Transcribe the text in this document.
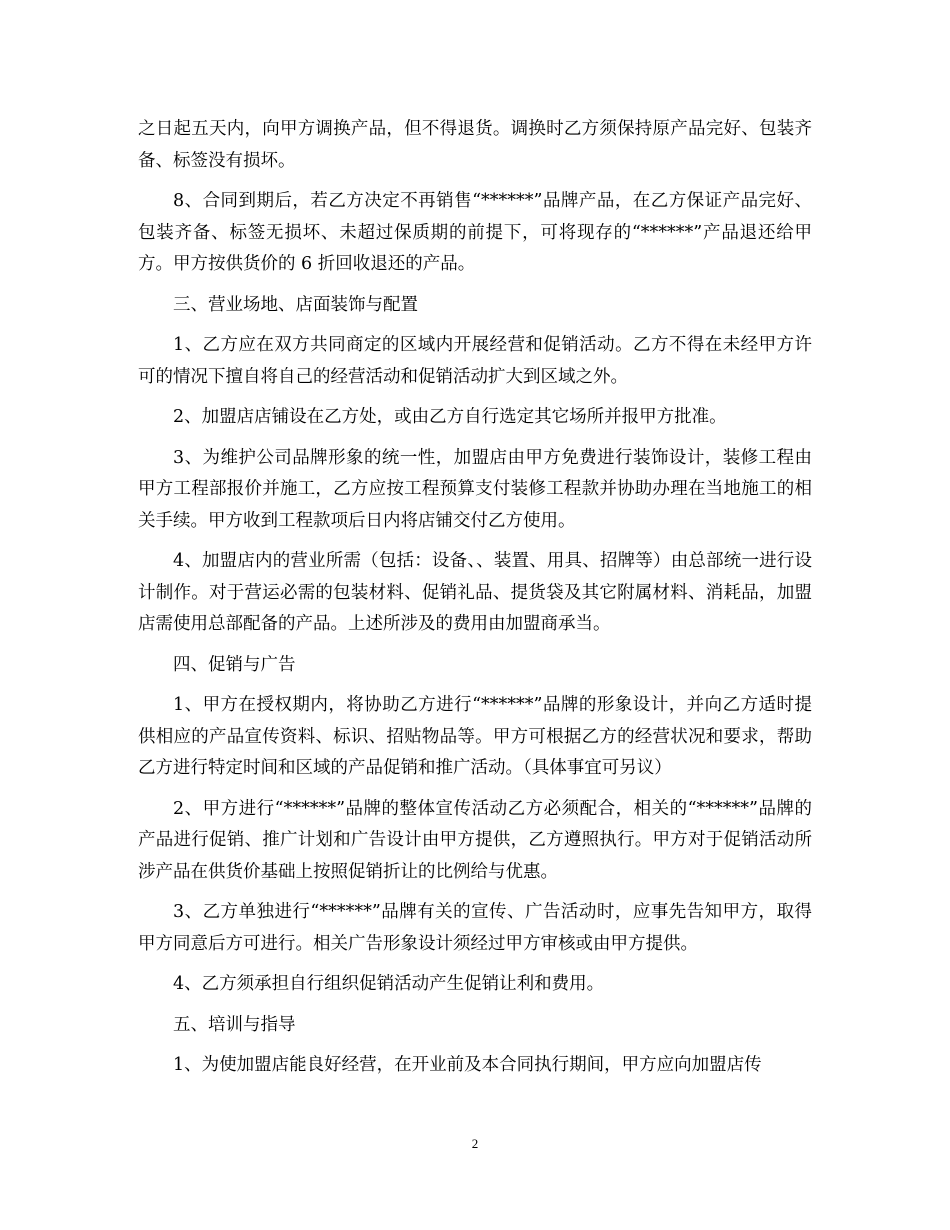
之日起五天内，向甲方调换产品，但不得退货。调换时乙方须保持原产品完好、包装齐备、标签没有损坏。

8、合同到期后，若乙方决定不再销售“******”品牌产品，在乙方保证产品完好、包装齐备、标签无损坏、未超过保质期的前提下，可将现存的“******”产品退还给甲方。甲方按供货价的 6 折回收退还的产品。

三、营业场地、店面装饰与配置

1、乙方应在双方共同商定的区域内开展经营和促销活动。乙方不得在未经甲方许可的情况下擅自将自己的经营活动和促销活动扩大到区域之外。

2、加盟店店铺设在乙方处，或由乙方自行选定其它场所并报甲方批准。

3、为维护公司品牌形象的统一性，加盟店由甲方免费进行装饰设计，装修工程由甲方工程部报价并施工，乙方应按工程预算支付装修工程款并协助办理在当地施工的相关手续。甲方收到工程款项后日内将店铺交付乙方使用。

4、加盟店内的营业所需（包括：设备、、装置、用具、招牌等）由总部统一进行设计制作。对于营运必需的包装材料、促销礼品、提货袋及其它附属材料、消耗品，加盟店需使用总部配备的产品。上述所涉及的费用由加盟商承当。

四、促销与广告

1、甲方在授权期内，将协助乙方进行“******”品牌的形象设计，并向乙方适时提供相应的产品宣传资料、标识、招贴物品等。甲方可根据乙方的经营状况和要求，帮助乙方进行特定时间和区域的产品促销和推广活动。（具体事宜可另议）

2、甲方进行“******”品牌的整体宣传活动乙方必须配合，相关的“******”品牌的产品进行促销、推广计划和广告设计由甲方提供，乙方遵照执行。甲方对于促销活动所涉产品在供货价基础上按照促销折让的比例给与优惠。

3、乙方单独进行“******”品牌有关的宣传、广告活动时，应事先告知甲方，取得甲方同意后方可进行。相关广告形象设计须经过甲方审核或由甲方提供。

4、乙方须承担自行组织促销活动产生促销让利和费用。

五、培训与指导

1、为使加盟店能良好经营，在开业前及本合同执行期间，甲方应向加盟店传

2
